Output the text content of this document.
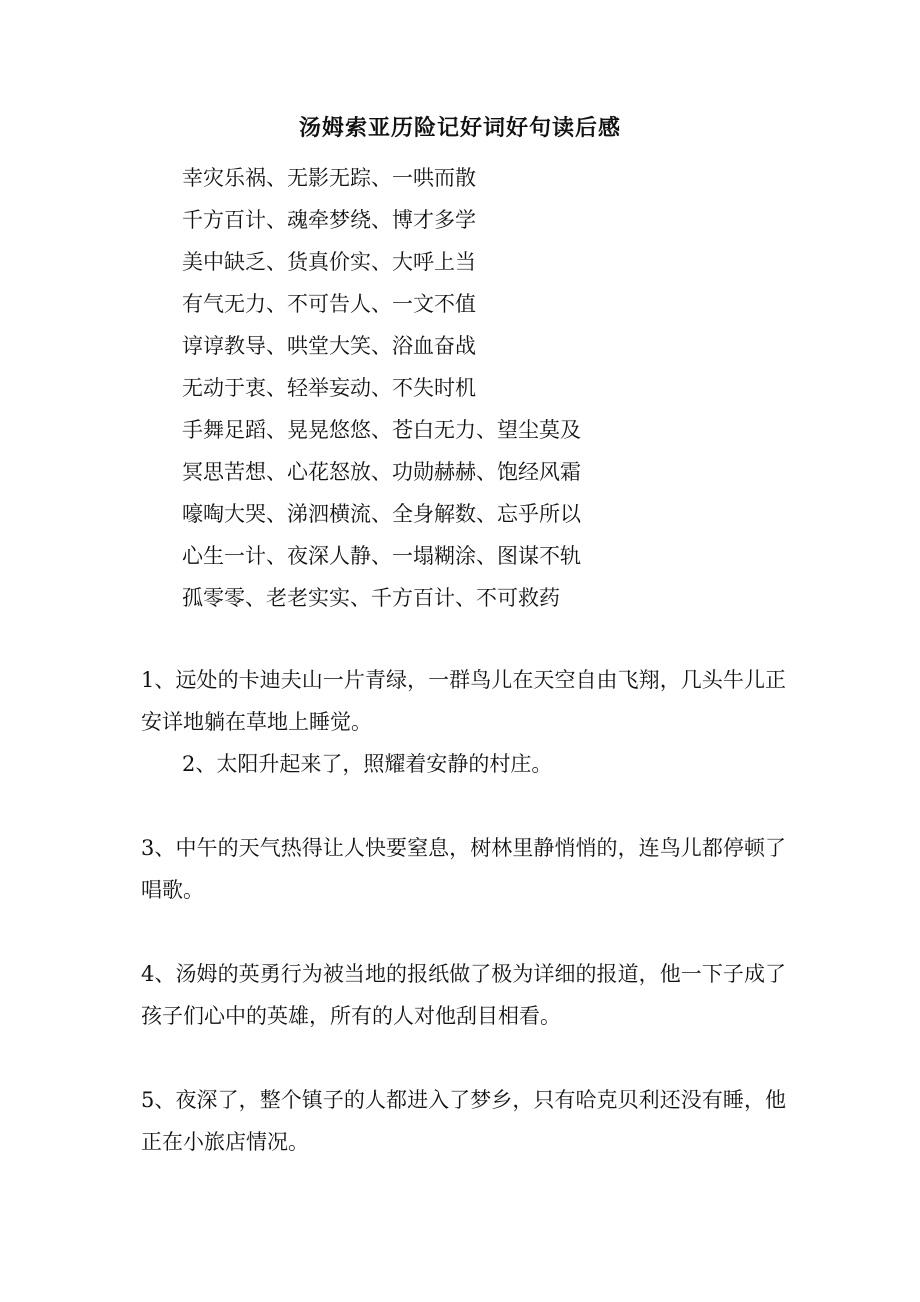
汤姆索亚历险记好词好句读后感
幸灾乐祸、无影无踪、一哄而散
千方百计、魂牵梦绕、博才多学
美中缺乏、货真价实、大呼上当
有气无力、不可告人、一文不值
谆谆教导、哄堂大笑、浴血奋战
无动于衷、轻举妄动、不失时机
手舞足蹈、晃晃悠悠、苍白无力、望尘莫及
冥思苦想、心花怒放、功勋赫赫、饱经风霜
嚎啕大哭、涕泗横流、全身解数、忘乎所以
心生一计、夜深人静、一塌糊涂、图谋不轨
孤零零、老老实实、千方百计、不可救药
1、远处的卡迪夫山一片青绿，一群鸟儿在天空自由飞翔，几头牛儿正安详地躺在草地上睡觉。
2、太阳升起来了，照耀着安静的村庄。
3、中午的天气热得让人快要窒息，树林里静悄悄的，连鸟儿都停顿了唱歌。
4、汤姆的英勇行为被当地的报纸做了极为详细的报道，他一下子成了孩子们心中的英雄，所有的人对他刮目相看。
5、夜深了，整个镇子的人都进入了梦乡，只有哈克贝利还没有睡，他正在小旅店情况。
